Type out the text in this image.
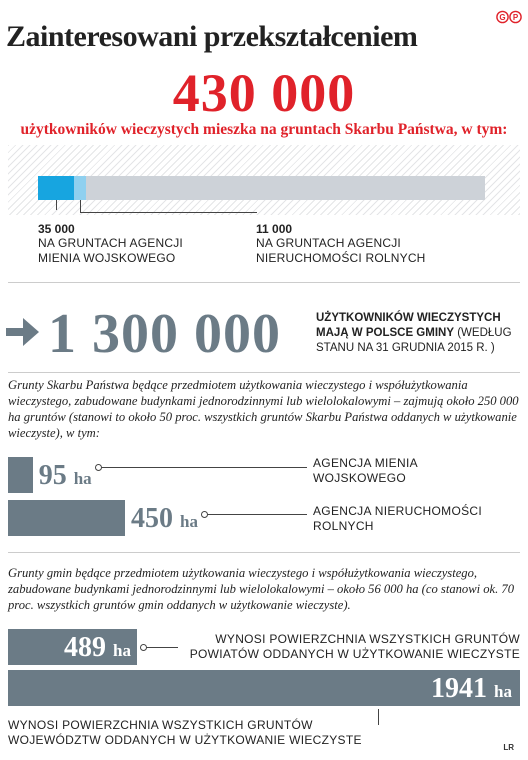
Zainteresowani przekształceniem
G P
430 000
użytkowników wieczystych mieszka na gruntach Skarbu Państwa, w tym:
35 000
NA GRUNTACH AGENCJI
MIENIA WOJSKOWEGO
11 000
NA GRUNTACH AGENCJI
NIERUCHOMOŚCI ROLNYCH
1 300 000	UŻYTKOWNIKÓW WIECZYSTYCH MAJĄ W POLSCE GMINY (WEDŁUG STANU NA 31 GRUDNIA 2015 R. )
Grunty Skarbu Państwa będące przedmiotem użytkowania wieczystego i współużytkowania wieczystego, zabudowane budynkami jednorodzinnymi lub wielolokalowymi – zajmują około 250 000 ha gruntów (stanowi to około 50 proc. wszystkich gruntów Skarbu Państwa oddanych w użytkowanie wieczyste), w tym:
95 ha
AGENCJA MIENIA
WOJSKOWEGO
450 ha
AGENCJA NIERUCHOMOŚCI
ROLNYCH
Grunty gmin będące przedmiotem użytkowania wieczystego i współużytkowania wieczystego, zabudowane budynkami jednorodzinnymi lub wielolokalowymi – około 56 000 ha (co stanowi ok. 70 proc. wszystkich gruntów gmin oddanych w użytkowanie wieczyste).
489 ha
WYNOSI POWIERZCHNIA WSZYSTKICH GRUNTÓW
POWIATÓW ODDANYCH W UŻYTKOWANIE WIECZYSTE
1941 ha
WYNOSI POWIERZCHNIA WSZYSTKICH GRUNTÓW
WOJEWÓDZTW ODDANYCH W UŻYTKOWANIE WIECZYSTE
LR
